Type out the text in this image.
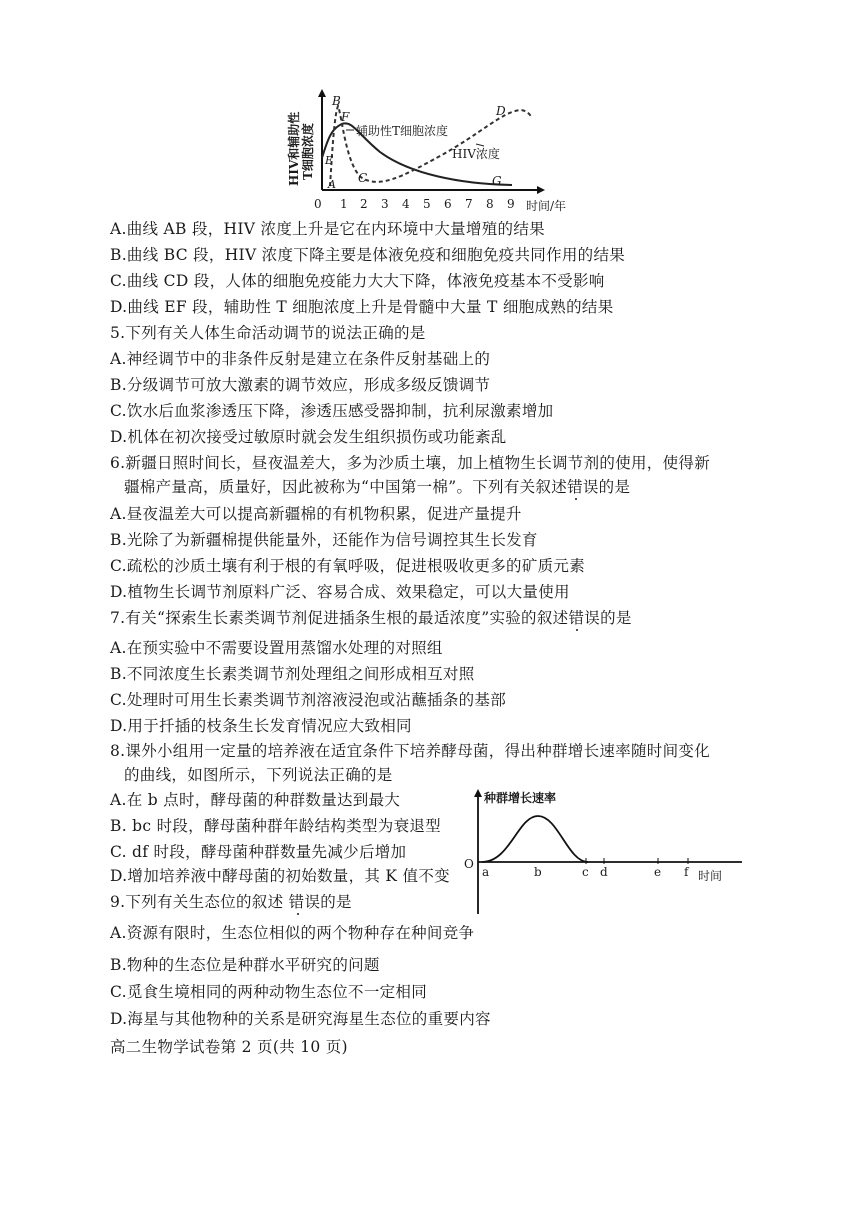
HIV和辅助性 T细胞浓度
B
F
E
A C
D
G
辅助性T细胞浓度
HIV浓度
0 1 2 3 4 5 6 7 8 9 时间/年
A.曲线 AB 段，HIV 浓度上升是它在内环境中大量增殖的结果
B.曲线 BC 段，HIV 浓度下降主要是体液免疫和细胞免疫共同作用的结果
C.曲线 CD 段，人体的细胞免疫能力大大下降，体液免疫基本不受影响
D.曲线 EF 段，辅助性 T 细胞浓度上升是骨髓中大量 T 细胞成熟的结果
5.下列有关人体生命活动调节的说法正确的是
A.神经调节中的非条件反射是建立在条件反射基础上的
B.分级调节可放大激素的调节效应，形成多级反馈调节
C.饮水后血浆渗透压下降，渗透压感受器抑制，抗利尿激素增加
D.机体在初次接受过敏原时就会发生组织损伤或功能紊乱
6.新疆日照时间长，昼夜温差大，多为沙质土壤，加上植物生长调节剂的使用，使得新
疆棉产量高，质量好，因此被称为“中国第一棉”。下列有关叙述错误的是
A.昼夜温差大可以提高新疆棉的有机物积累，促进产量提升
B.光除了为新疆棉提供能量外，还能作为信号调控其生长发育
C.疏松的沙质土壤有利于根的有氧呼吸，促进根吸收更多的矿质元素
D.植物生长调节剂原料广泛、容易合成、效果稳定，可以大量使用
7.有关“探索生长素类调节剂促进插条生根的最适浓度”实验的叙述错误的是
A.在预实验中不需要设置用蒸馏水处理的对照组
B.不同浓度生长素类调节剂处理组之间形成相互对照
C.处理时可用生长素类调节剂溶液浸泡或沾蘸插条的基部
D.用于扦插的枝条生长发育情况应大致相同
8.课外小组用一定量的培养液在适宜条件下培养酵母菌，得出种群增长速率随时间变化
的曲线，如图所示，下列说法正确的是
A.在 b 点时，酵母菌的种群数量达到最大
B. bc 时段，酵母菌种群年龄结构类型为衰退型
C. df 时段，酵母菌种群数量先减少后增加
D.增加培养液中酵母菌的初始数量，其 K 值不变
种群增长速率
O
a	b	c d	e f 时间
9.下列有关生态位的叙述 错误的是
A.资源有限时，生态位相似的两个物种存在种间竞争
B.物种的生态位是种群水平研究的问题
C.觅食生境相同的两种动物生态位不一定相同
D.海星与其他物种的关系是研究海星生态位的重要内容
高二生物学试卷第 2 页(共 10 页)
